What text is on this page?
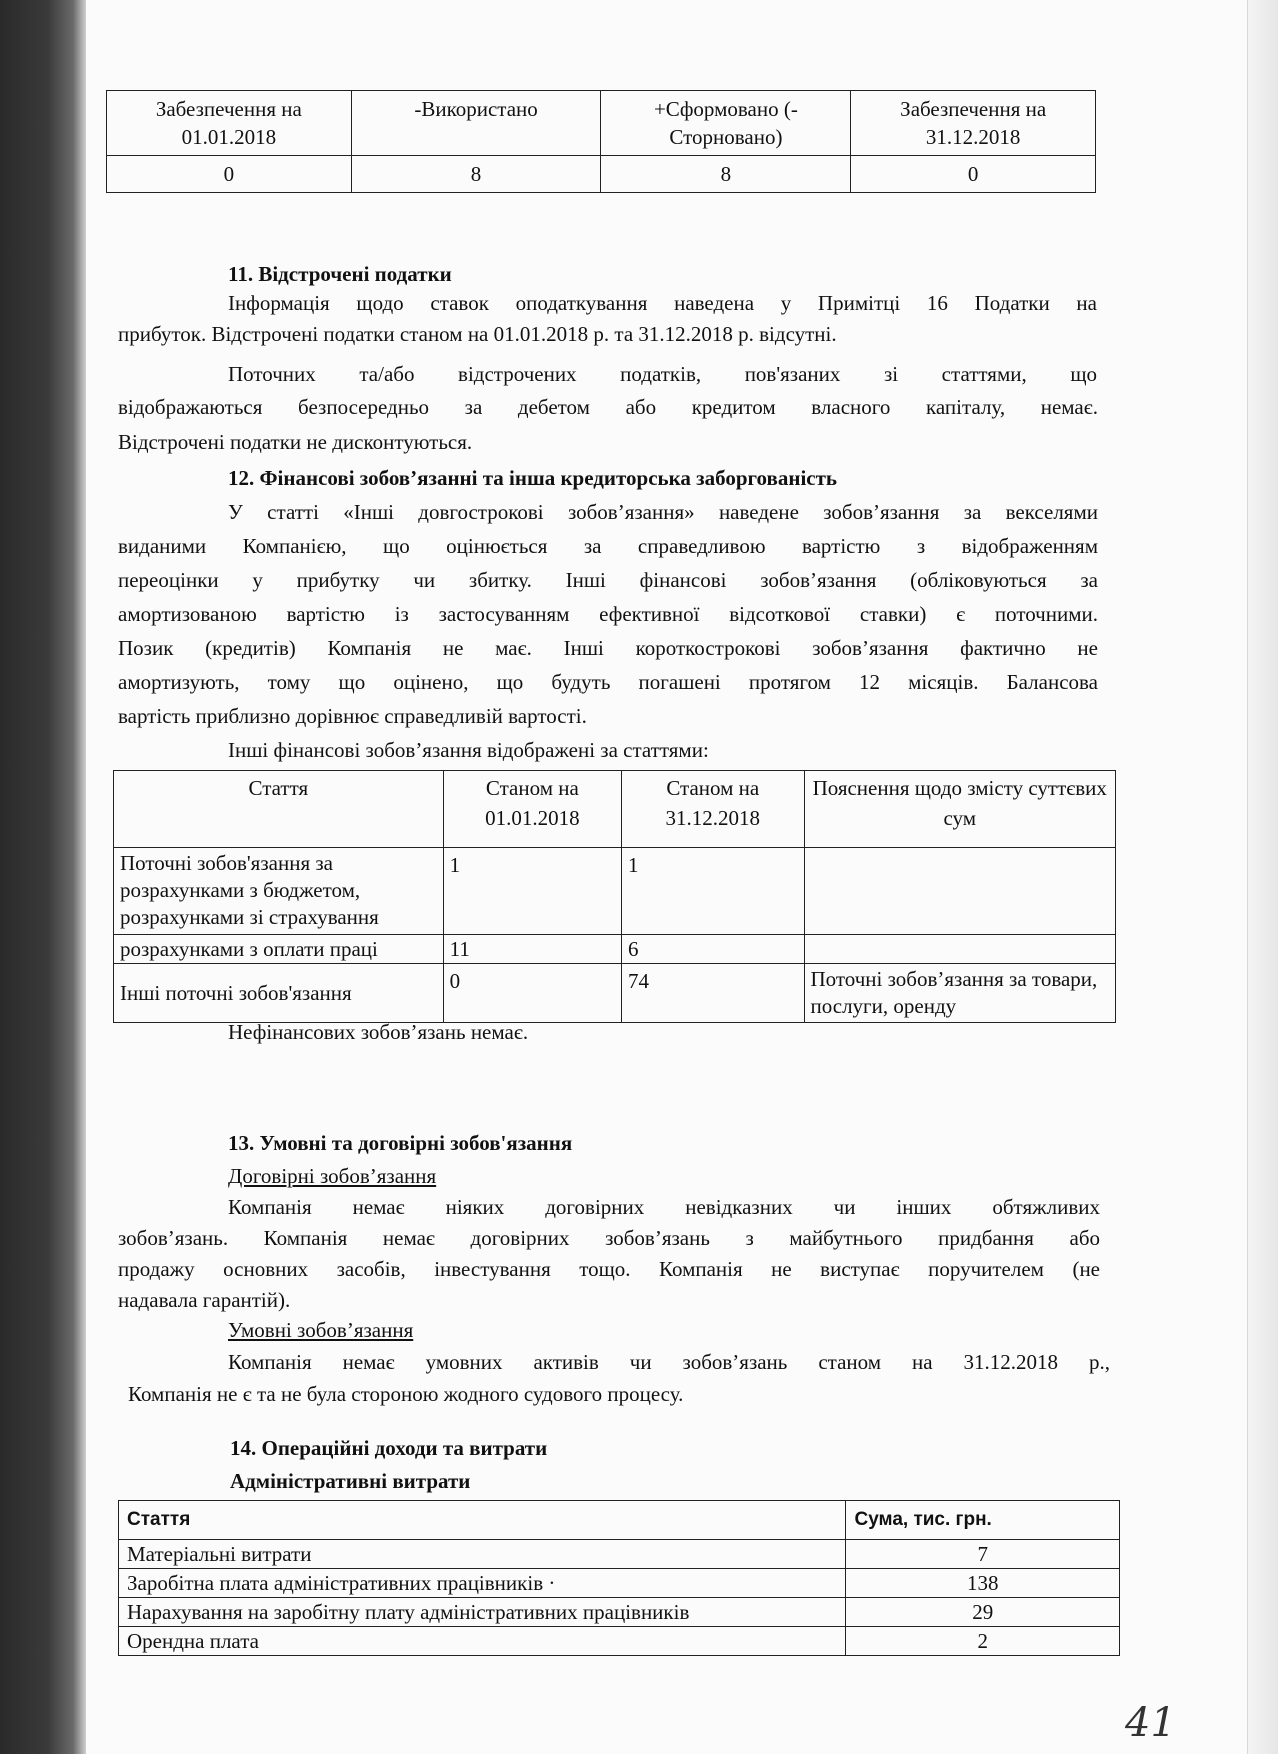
Забезпечення на 01.01.2018	-Використано	+Сформовано (-Сторновано)	Забезпечення на 31.12.2018
0	8	8	0
11. Відстрочені податки
Інформація щодо ставок оподаткування наведена у Примітці 16 Податки на
прибуток. Відстрочені податки станом на 01.01.2018 р. та 31.12.2018 р. відсутні.
Поточних та/або відстрочених податків, пов'язаних зі статтями, що
відображаються безпосередньо за дебетом або кредитом власного капіталу, немає.
Відстрочені податки не дисконтуються.
12. Фінансові зобов’язанні та інша кредиторська заборгованість
У статті «Інші довгострокові зобов’язання» наведене зобов’язання за векселями
виданими Компанією, що оцінюється за справедливою вартістю з відображенням
переоцінки у прибутку чи збитку. Інші фінансові зобов’язання (обліковуються за
амортизованою вартістю із застосуванням ефективної відсоткової ставки) є поточними.
Позик (кредитів) Компанія не має. Інші короткострокові зобов’язання фактично не
амортизують, тому що оцінено, що будуть погашені протягом 12 місяців. Балансова
вартість приблизно дорівнює справедливій вартості.
Інші фінансові зобов’язання відображені за статтями:
Стаття	Станом на 01.01.2018	Станом на 31.12.2018	Пояснення щодо змісту суттєвих сум
Поточні зобов'язання за розрахунками з бюджетом, розрахунками зі страхування	1	1	
розрахунками з оплати праці	11	6	
Інші поточні зобов'язання	0	74	Поточні зобов’язання за товари, послуги, оренду
Нефінансових зобов’язань немає.
13. Умовні та договірні зобов'язання
Договірні зобов’язання
Компанія немає ніяких договірних невідказних чи інших обтяжливих
зобов’язань. Компанія немає договірних зобов’язань з майбутнього придбання або
продажу основних засобів, інвестування тощо. Компанія не виступає поручителем (не
надавала гарантій).
Умовні зобов’язання
Компанія немає умовних активів чи зобов’язань станом на 31.12.2018 р.,
Компанія не є та не була стороною жодного судового процесу.
14. Операційні доходи та витрати
Адміністративні витрати
Стаття	Сума, тис. грн.
Матеріальні витрати	7
Заробітна плата адміністративних працівників ·	138
Нарахування на заробітну плату адміністративних працівників	29
Орендна плата	2
41
